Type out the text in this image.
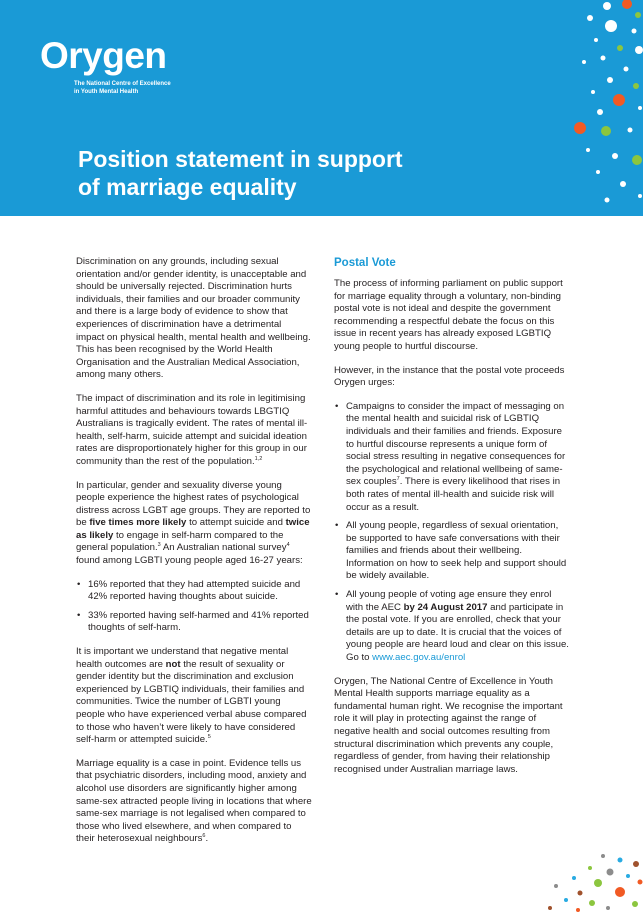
Orygen
The National Centre of Excellence
in Youth Mental Health
Position statement in support
of marriage equality

Discrimination on any grounds, including sexual orientation and/or gender identity, is unacceptable and should be universally rejected. Discrimination hurts individuals, their families and our broader community and there is a large body of evidence to show that experiences of discrimination have a detrimental impact on physical health, mental health and wellbeing. This has been recognised by the World Health Organisation and the Australian Medical Association, among many others.

The impact of discrimination and its role in legitimising harmful attitudes and behaviours towards LBGTIQ Australians is tragically evident. The rates of mental ill-health, self-harm, suicide attempt and suicidal ideation rates are disproportionately higher for this group in our community than the rest of the population.$^{1,2}$

In particular, gender and sexuality diverse young people experience the highest rates of psychological distress across LGBT age groups. They are reported to be five times more likely to attempt suicide and twice as likely to engage in self-harm compared to the general population.$^3$ An Australian national survey$^4$ found among LGBTI young people aged 16-27 years:

• 16% reported that they had attempted suicide and 42% reported having thoughts about suicide.
• 33% reported having self-harmed and 41% reported thoughts of self-harm.

It is important we understand that negative mental health outcomes are not the result of sexuality or gender identity but the discrimination and exclusion experienced by LGBTIQ individuals, their families and communities. Twice the number of LGBTI young people who have experienced verbal abuse compared to those who haven’t were likely to have considered self-harm or attempted suicide.$^5$

Marriage equality is a case in point. Evidence tells us that psychiatric disorders, including mood, anxiety and alcohol use disorders are significantly higher among same-sex attracted people living in locations that where same-sex marriage is not legalised when compared to those who lived elsewhere, and when compared to their heterosexual neighbours$^6$.

Postal Vote

The process of informing parliament on public support for marriage equality through a voluntary, non-binding postal vote is not ideal and despite the government recommending a respectful debate the focus on this issue in recent years has already exposed LGBTIQ young people to hurtful discourse.

However, in the instance that the postal vote proceeds Orygen urges:

• Campaigns to consider the impact of messaging on the mental health and suicidal risk of LGBTIQ individuals and their families and friends. Exposure to hurtful discourse represents a unique form of social stress resulting in negative consequences for the psychological and relational wellbeing of same-sex couples$^7$. There is every likelihood that rises in both rates of mental ill-health and suicide risk will occur as a result.
• All young people, regardless of sexual orientation, be supported to have safe conversations with their families and friends about their wellbeing. Information on how to seek help and support should be widely available.
• All young people of voting age ensure they enrol with the AEC by 24 August 2017 and participate in the postal vote. If you are enrolled, check that your details are up to date. It is crucial that the voices of young people are heard loud and clear on this issue. Go to www.aec.gov.au/enrol

Orygen, The National Centre of Excellence in Youth Mental Health supports marriage equality as a fundamental human right. We recognise the important role it will play in protecting against the range of negative health and social outcomes resulting from structural discrimination which prevents any couple, regardless of gender, from having their relationship recognised under Australian marriage laws.
